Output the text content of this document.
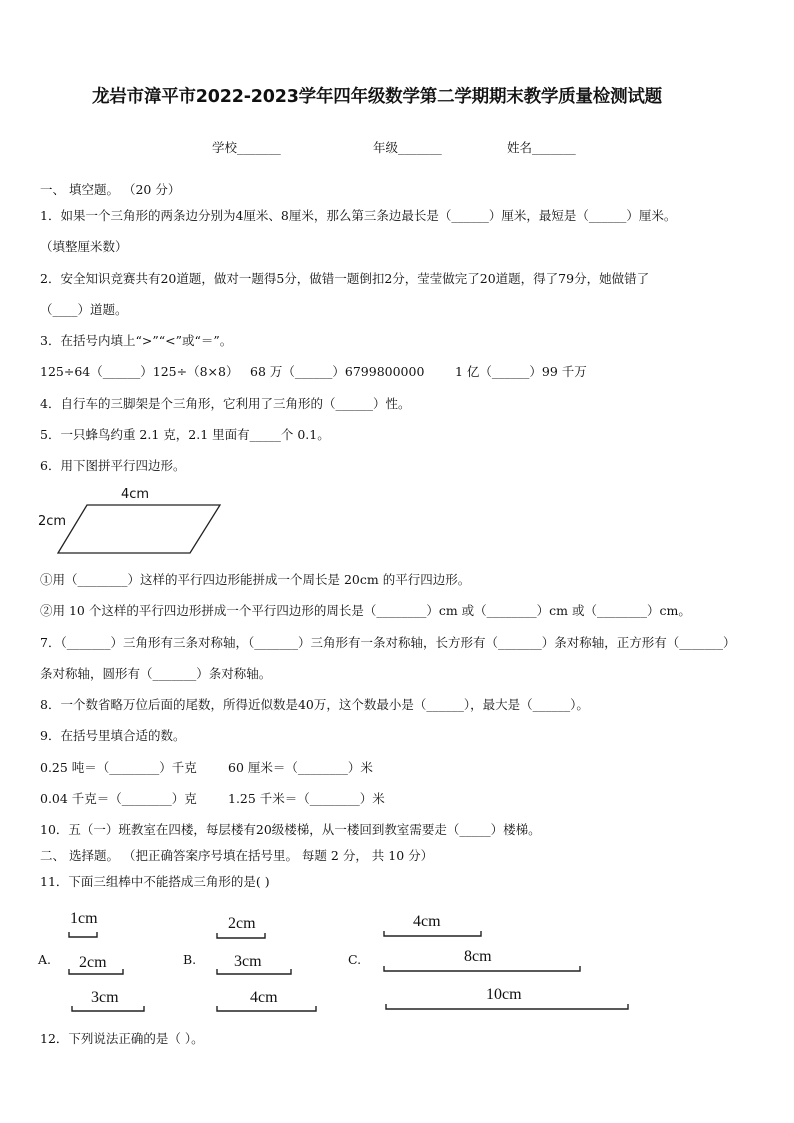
龙岩市漳平市2022-2023学年四年级数学第二学期期末教学质量检测试题
学校_______	年级_______	姓名_______
一、 填空题。 （20 分）
1．如果一个三角形的两条边分别为4厘米、8厘米，那么第三条边最长是（______）厘米，最短是（______）厘米。
（填整厘米数）
2．安全知识竞赛共有20道题，做对一题得5分，做错一题倒扣2分，莹莹做完了20道题，得了79分，她做错了
（____）道题。
3．在括号内填上“>”“<”或“＝”。
125÷64（______）125÷（8×8） 68 万（______）6799800000 1 亿（______）99 千万
4．自行车的三脚架是个三角形，它利用了三角形的（______）性。
5．一只蜂鸟约重 2.1 克，2.1 里面有_____个 0.1。
6．用下图拼平行四边形。
4cm
2cm
①用（________）这样的平行四边形能拼成一个周长是 20cm 的平行四边形。
②用 10 个这样的平行四边形拼成一个平行四边形的周长是（________）cm 或（________）cm 或（________）cm。
7．（_______）三角形有三条对称轴，（_______）三角形有一条对称轴，长方形有（_______）条对称轴，正方形有（_______）
条对称轴，圆形有（_______）条对称轴。
8．一个数省略万位后面的尾数，所得近似数是40万，这个数最小是（______），最大是（______）。
9．在括号里填合适的数。
0.25 吨＝（________）千克 60 厘米＝（________）米
0.04 千克＝（________）克 1.25 千米＝（________）米
10．五（一）班教室在四楼，每层楼有20级楼梯，从一楼回到教室需要走（_____）楼梯。
二、 选择题。 （把正确答案序号填在括号里。 每题 2 分， 共 10 分）
11．下面三组棒中不能搭成三角形的是( )
A.	B.	C.
1cm
2cm
3cm
2cm
3cm
4cm
4cm
8cm
10cm
12．下列说法正确的是（ ）。
